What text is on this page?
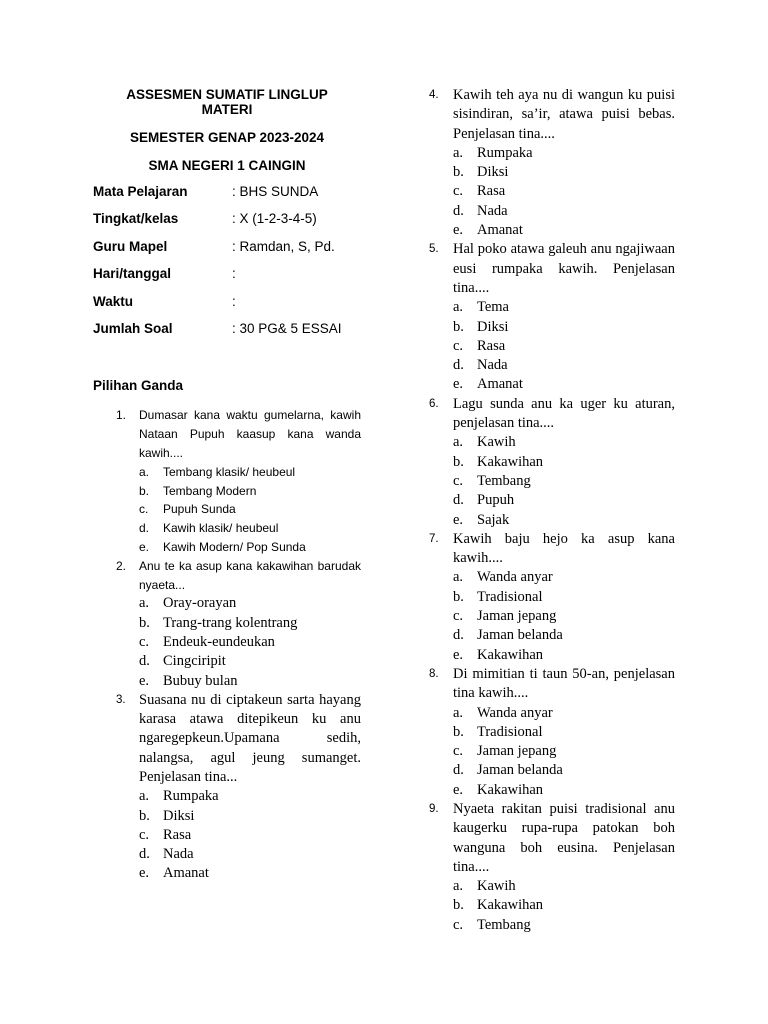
ASSESMEN SUMATIF LINGLUP
MATERI

SEMESTER GENAP 2023-2024

SMA NEGERI 1 CAINGIN

Mata Pelajaran	: BHS SUNDA
Tingkat/kelas	: X (1-2-3-4-5)
Guru Mapel	: Ramdan, S, Pd.
Hari/tanggal	:
Waktu	:
Jumlah Soal	: 30 PG& 5 ESSAI
Pilihan Ganda
1. Dumasar kana waktu gumelarna, kawih Nataan Pupuh kaasup kana wanda kawih....
a. Tembang klasik/ heubeul
b. Tembang Modern
c. Pupuh Sunda
d. Kawih klasik/ heubeul
e. Kawih Modern/ Pop Sunda
2. Anu te ka asup kana kakawihan barudak nyaeta...
a. Oray-orayan
b. Trang-trang kolentrang
c. Endeuk-eundeukan
d. Cingciripit
e. Bubuy bulan
3. Suasana nu di ciptakeun sarta hayang karasa atawa ditepikeun ku anu ngaregepkeun.Upamana sedih, nalangsa, agul jeung sumanget. Penjelasan tina...
a. Rumpaka
b. Diksi
c. Rasa
d. Nada
e. Amanat
4. Kawih teh aya nu di wangun ku puisi sisindiran, sa’ir, atawa puisi bebas. Penjelasan tina....
a. Rumpaka
b. Diksi
c. Rasa
d. Nada
e. Amanat
5. Hal poko atawa galeuh anu ngajiwaan eusi rumpaka kawih. Penjelasan tina....
a. Tema
b. Diksi
c. Rasa
d. Nada
e. Amanat
6. Lagu sunda anu ka uger ku aturan, penjelasan tina....
a. Kawih
b. Kakawihan
c. Tembang
d. Pupuh
e. Sajak
7. Kawih baju hejo ka asup kana kawih....
a. Wanda anyar
b. Tradisional
c. Jaman jepang
d. Jaman belanda
e. Kakawihan
8. Di mimitian ti taun 50-an, penjelasan tina kawih....
a. Wanda anyar
b. Tradisional
c. Jaman jepang
d. Jaman belanda
e. Kakawihan
9. Nyaeta rakitan puisi tradisional anu kaugerku rupa-rupa patokan boh wanguna boh eusina. Penjelasan tina....
a. Kawih
b. Kakawihan
c. Tembang
